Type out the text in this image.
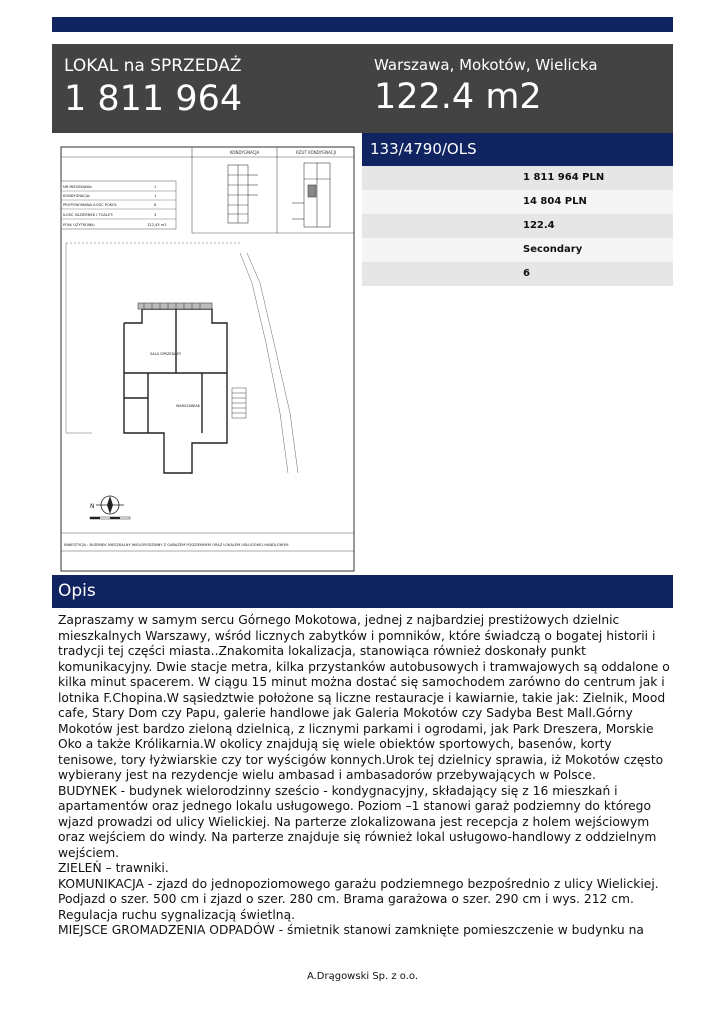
LOKAL na SPRZEDAŻ
1 811 964
Warszawa, Mokotów, Wielicka
122.4 m2
KONDYGNACJA	RZUT KONDYGNACJI
NR MIESZKANIA:	1
KONDYGNACJA:	1
PROPONOWANA ILOŚĆ POKOI:	6
ILOŚĆ SAZIERNEK I TOALET:	3
POW. UŻYTKOWA:	122,43 m2
SALA SPRZEDAŻY
WARSZAWIAK
N
INWESTYCJA : BUDYNEK MIESZKALNY WIELORODZINNY Z GARAŻEM PODZIEMNYM ORAZ LOKALEM USŁUGOWO-HANDLOWYM
133/4790/OLS
1 811 964 PLN
14 804 PLN
122.4
Secondary
6
Opis

Zapraszamy w samym sercu Górnego Mokotowa, jednej z najbardziej prestiżowych dzielnic mieszkalnych Warszawy, wśród licznych zabytków i pomników, które świadczą o bogatej historii i tradycji tej części miasta..Znakomita lokalizacja, stanowiąca również doskonały punkt komunikacyjny. Dwie stacje metra, kilka przystanków autobusowych i tramwajowych są oddalone o kilka minut spacerem. W ciągu 15 minut można dostać się samochodem zarówno do centrum jak i lotnika F.Chopina.W sąsiedztwie położone są liczne restauracje i kawiarnie, takie jak: Zielnik, Mood cafe, Stary Dom czy Papu, galerie handlowe jak Galeria Mokotów czy Sadyba Best Mall.Górny Mokotów jest bardzo zieloną dzielnicą, z licznymi parkami i ogrodami, jak Park Dreszera, Morskie Oko a także Królikarnia.W okolicy znajdują się wiele obiektów sportowych, basenów, korty tenisowe, tory łyżwiarskie czy tor wyścigów konnych.Urok tej dzielnicy sprawia, iż Mokotów często wybierany jest na rezydencje wielu ambasad i ambasadorów przebywających w Polsce.

BUDYNEK - budynek wielorodzinny sześcio - kondygnacyjny, składający się z 16 mieszkań i apartamentów oraz jednego lokalu usługowego. Poziom –1 stanowi garaż podziemny do którego wjazd prowadzi od ulicy Wielickiej. Na parterze zlokalizowana jest recepcja z holem wejściowym oraz wejściem do windy. Na parterze znajduje się również lokal usługowo-handlowy z oddzielnym wejściem.

ZIELEŃ – trawniki.

KOMUNIKACJA - zjazd do jednopoziomowego garażu podziemnego bezpośrednio z ulicy Wielickiej. Podjazd o szer. 500 cm i zjazd o szer. 280 cm. Brama garażowa o szer. 290 cm i wys. 212 cm. Regulacja ruchu sygnalizacją świetlną.

MIEJSCE GROMADZENIA ODPADÓW - śmietnik stanowi zamknięte pomieszczenie w budynku na

A.Drągowski Sp. z o.o.
